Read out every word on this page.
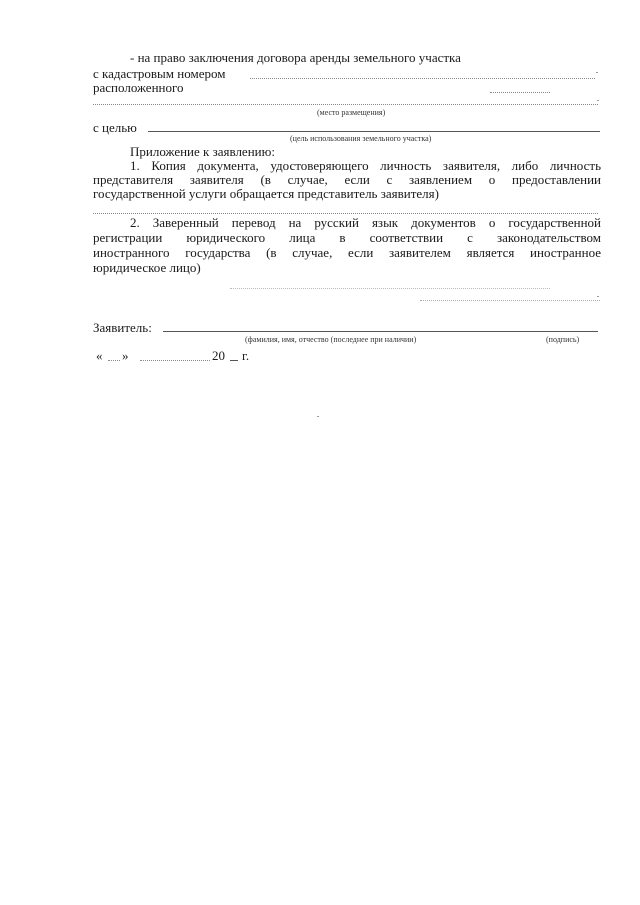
- на право заключения договора аренды земельного участка
с кадастровым номером
расположенного
(место размещения)
с целью
(цель использования земельного участка)
Приложение к заявлению:
1. Копия документа, удостоверяющего личность заявителя, либо личность
представителя заявителя (в случае, если с заявлением о предоставлении
государственной услуги обращается представитель заявителя)
2. Заверенный перевод на русский язык документов о государственной
регистрации юридического лица в соответствии с законодательством
иностранного государства (в случае, если заявителем является иностранное
юридическое лицо)
Заявитель:
(фамилия, имя, отчество (последнее при наличии)	(подпись)
« »	20 г.
